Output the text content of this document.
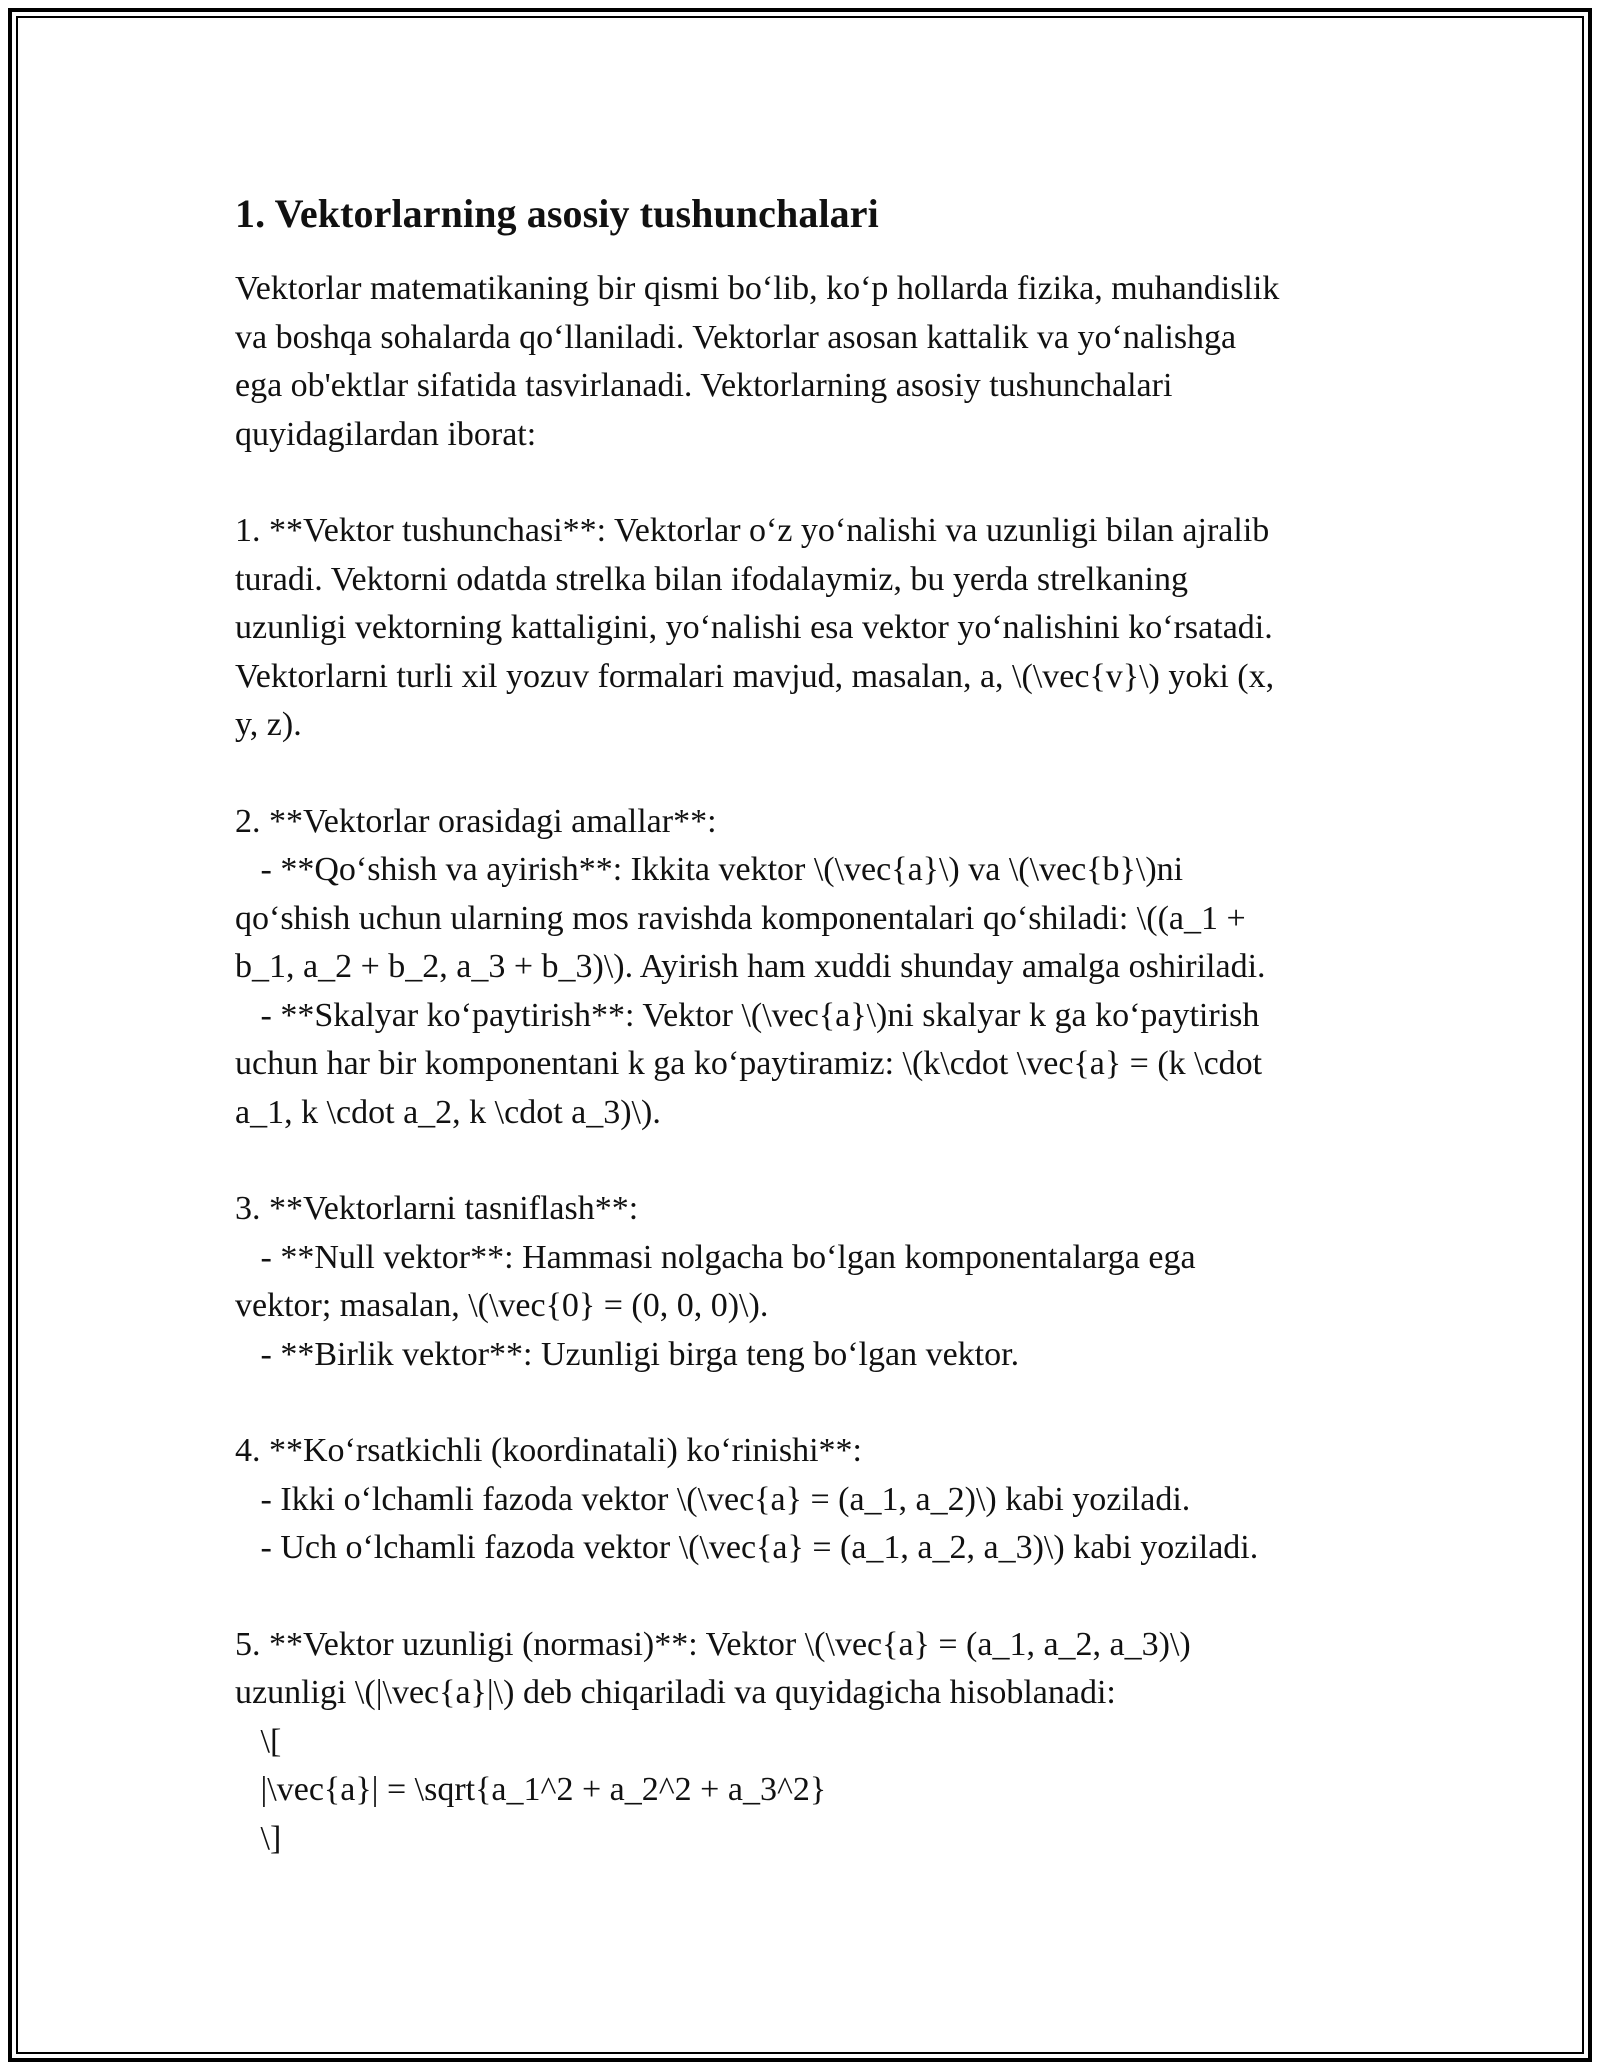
1. Vektorlarning asosiy tushunchalari
Vektorlar matematikaning bir qismi bo‘lib, ko‘p hollarda fizika, muhandislik
va boshqa sohalarda qo‘llaniladi. Vektorlar asosan kattalik va yo‘nalishga
ega ob'ektlar sifatida tasvirlanadi. Vektorlarning asosiy tushunchalari
quyidagilardan iborat:
1. **Vektor tushunchasi**: Vektorlar o‘z yo‘nalishi va uzunligi bilan ajralib
turadi. Vektorni odatda strelka bilan ifodalaymiz, bu yerda strelkaning
uzunligi vektorning kattaligini, yo‘nalishi esa vektor yo‘nalishini ko‘rsatadi.
Vektorlarni turli xil yozuv formalari mavjud, masalan, a, \(\vec{v}\) yoki (x,
y, z).
2. **Vektorlar orasidagi amallar**:
- **Qo‘shish va ayirish**: Ikkita vektor \(\vec{a}\) va \(\vec{b}\)ni
qo‘shish uchun ularning mos ravishda komponentalari qo‘shiladi: \((a_1 +
b_1, a_2 + b_2, a_3 + b_3)\). Ayirish ham xuddi shunday amalga oshiriladi.
- **Skalyar ko‘paytirish**: Vektor \(\vec{a}\)ni skalyar k ga ko‘paytirish
uchun har bir komponentani k ga ko‘paytiramiz: \(k\cdot \vec{a} = (k \cdot
a_1, k \cdot a_2, k \cdot a_3)\).
3. **Vektorlarni tasniflash**:
- **Null vektor**: Hammasi nolgacha bo‘lgan komponentalarga ega
vektor; masalan, \(\vec{0} = (0, 0, 0)\).
- **Birlik vektor**: Uzunligi birga teng bo‘lgan vektor.
4. **Ko‘rsatkichli (koordinatali) ko‘rinishi**:
- Ikki o‘lchamli fazoda vektor \(\vec{a} = (a_1, a_2)\) kabi yoziladi.
- Uch o‘lchamli fazoda vektor \(\vec{a} = (a_1, a_2, a_3)\) kabi yoziladi.
5. **Vektor uzunligi (normasi)**: Vektor \(\vec{a} = (a_1, a_2, a_3)\)
uzunligi \(|\vec{a}|\) deb chiqariladi va quyidagicha hisoblanadi:
\[
|\vec{a}| = \sqrt{a_1^2 + a_2^2 + a_3^2}
\]
